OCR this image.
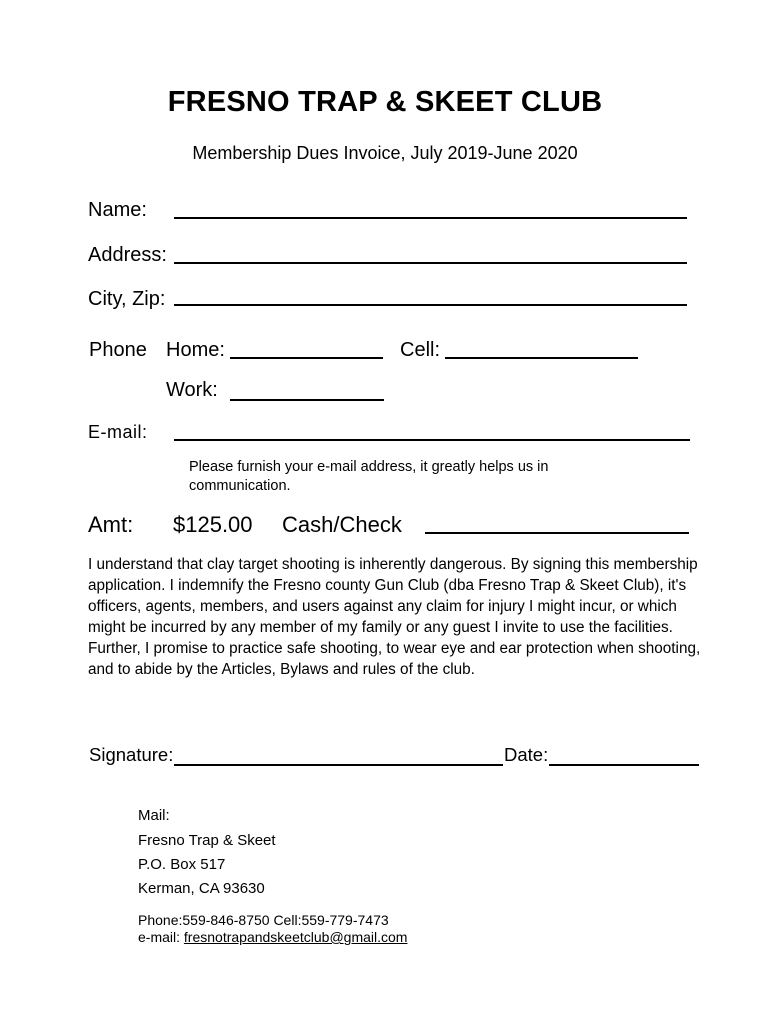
FRESNO TRAP & SKEET CLUB
Membership Dues Invoice, July 2019-June 2020
Name:
Address:
City, Zip:
Phone Home:	Cell:
Work:
E-mail:
Please furnish your e-mail address, it greatly helps us in communication.
Amt: $125.00 Cash/Check
I understand that clay target shooting is inherently dangerous. By signing this membership application. I indemnify the Fresno county Gun Club (dba Fresno Trap & Skeet Club), it's officers, agents, members, and users against any claim for injury I might incur, or which might be incurred by any member of my family or any guest I invite to use the facilities. Further, I promise to practice safe shooting, to wear eye and ear protection when shooting, and to abide by the Articles, Bylaws and rules of the club.
Signature:	Date:
Mail:
Fresno Trap & Skeet
P.O. Box 517
Kerman, CA 93630
Phone:559-846-8750 Cell:559-779-7473
e-mail: fresnotrapandskeetclub@gmail.com
